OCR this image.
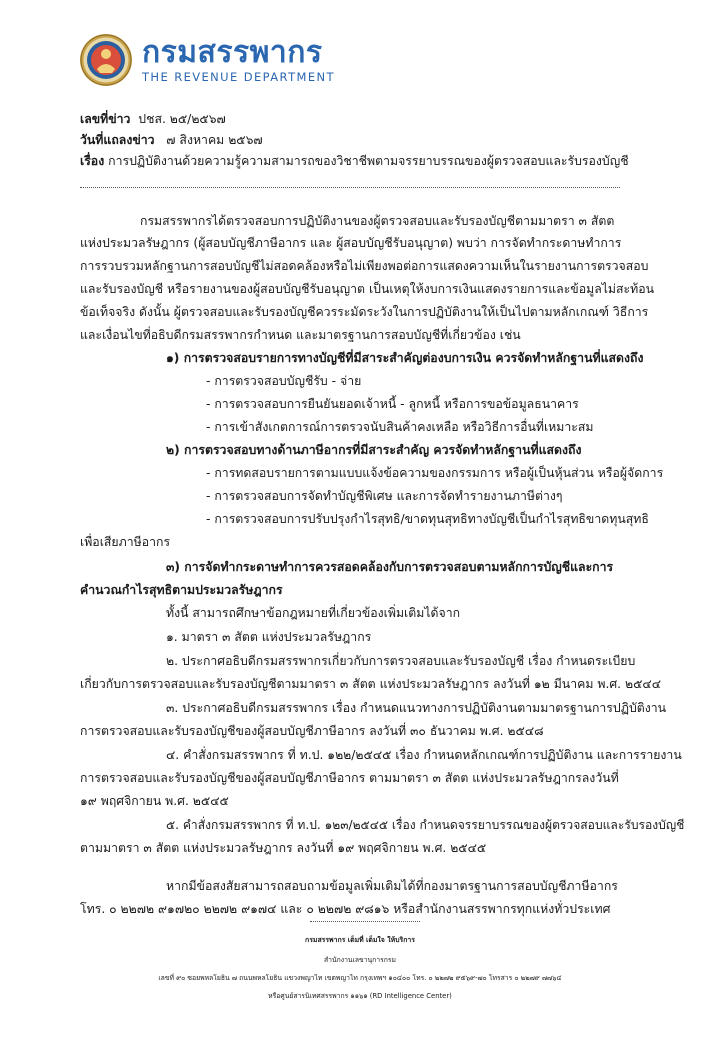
กรมสรรพากร
THE REVENUE DEPARTMENT
เลขที่ข่าว ปชส. ๒๕/๒๕๖๗
วันที่แถลงข่าว ๗ สิงหาคม ๒๕๖๗
เรื่อง การปฏิบัติงานด้วยความรู้ความสามารถของวิชาชีพตามจรรยาบรรณของผู้ตรวจสอบและรับรองบัญชี
กรมสรรพากรได้ตรวจสอบการปฏิบัติงานของผู้ตรวจสอบและรับรองบัญชีตามมาตรา ๓ สัตต
แห่งประมวลรัษฎากร (ผู้สอบบัญชีภาษีอากร และ ผู้สอบบัญชีรับอนุญาต) พบว่า การจัดทำกระดาษทำการ
การรวบรวมหลักฐานการสอบบัญชีไม่สอดคล้องหรือไม่เพียงพอต่อการแสดงความเห็นในรายงานการตรวจสอบ
และรับรองบัญชี หรือรายงานของผู้สอบบัญชีรับอนุญาต เป็นเหตุให้งบการเงินแสดงรายการและข้อมูลไม่สะท้อน
ข้อเท็จจริง ดังนั้น ผู้ตรวจสอบและรับรองบัญชีควรระมัดระวังในการปฏิบัติงานให้เป็นไปตามหลักเกณฑ์ วิธีการ
และเงื่อนไขที่อธิบดีกรมสรรพากรกำหนด และมาตรฐานการสอบบัญชีที่เกี่ยวข้อง เช่น
๑) การตรวจสอบรายการทางบัญชีที่มีสาระสำคัญต่องบการเงิน ควรจัดทำหลักฐานที่แสดงถึง
- การตรวจสอบบัญชีรับ - จ่าย
- การตรวจสอบการยืนยันยอดเจ้าหนี้ - ลูกหนี้ หรือการขอข้อมูลธนาคาร
- การเข้าสังเกตการณ์การตรวจนับสินค้าคงเหลือ หรือวิธีการอื่นที่เหมาะสม
๒) การตรวจสอบทางด้านภาษีอากรที่มีสาระสำคัญ ควรจัดทำหลักฐานที่แสดงถึง
- การทดสอบรายการตามแบบแจ้งข้อความของกรรมการ หรือผู้เป็นหุ้นส่วน หรือผู้จัดการ
- การตรวจสอบการจัดทำบัญชีพิเศษ และการจัดทำรายงานภาษีต่างๆ
- การตรวจสอบการปรับปรุงกำไรสุทธิ/ขาดทุนสุทธิทางบัญชีเป็นกำไรสุทธิขาดทุนสุทธิ
เพื่อเสียภาษีอากร
๓) การจัดทำกระดาษทำการควรสอดคล้องกับการตรวจสอบตามหลักการบัญชีและการ
คำนวณกำไรสุทธิตามประมวลรัษฎากร
ทั้งนี้ สามารถศึกษาข้อกฎหมายที่เกี่ยวข้องเพิ่มเติมได้จาก
๑. มาตรา ๓ สัตต แห่งประมวลรัษฎากร
๒. ประกาศอธิบดีกรมสรรพากรเกี่ยวกับการตรวจสอบและรับรองบัญชี เรื่อง กำหนดระเบียบ
เกี่ยวกับการตรวจสอบและรับรองบัญชีตามมาตรา ๓ สัตต แห่งประมวลรัษฎากร ลงวันที่ ๑๒ มีนาคม พ.ศ. ๒๕๔๔
๓. ประกาศอธิบดีกรมสรรพากร เรื่อง กำหนดแนวทางการปฏิบัติงานตามมาตรฐานการปฏิบัติงาน
การตรวจสอบและรับรองบัญชีของผู้สอบบัญชีภาษีอากร ลงวันที่ ๓๐ ธันวาคม พ.ศ. ๒๕๔๘
๔. คำสั่งกรมสรรพากร ที่ ท.ป. ๑๒๒/๒๕๔๕ เรื่อง กำหนดหลักเกณฑ์การปฏิบัติงาน และการรายงาน
การตรวจสอบและรับรองบัญชีของผู้สอบบัญชีภาษีอากร ตามมาตรา ๓ สัตต แห่งประมวลรัษฎากรลงวันที่
๑๙ พฤศจิกายน พ.ศ. ๒๕๔๕
๕. คำสั่งกรมสรรพากร ที่ ท.ป. ๑๒๓/๒๕๔๕ เรื่อง กำหนดจรรยาบรรณของผู้ตรวจสอบและรับรองบัญชี
ตามมาตรา ๓ สัตต แห่งประมวลรัษฎากร ลงวันที่ ๑๙ พฤศจิกายน พ.ศ. ๒๕๔๕
กรมสรรพากร เต็มที่ เต็มใจ ให้บริการ
สำนักงานเลขานุการกรม
เลขที่ ๙๐ ซอยพหลโยธิน ๗ ถนนพหลโยธิน แขวงพญาไท เขตพญาไท กรุงเทพฯ ๑๐๔๐๐ โทร. ๐ ๒๒๗๒ ๙๕๖๙-๗๐ โทรสาร ๐ ๒๒๗๙ ๗๗๖๔
หรือศูนย์สารนิเทศสรรพากร ๑๑๖๑ (RD Intelligence Center)
หากมีข้อสงสัยสามารถสอบถามข้อมูลเพิ่มเติมได้ที่กองมาตรฐานการสอบบัญชีภาษีอากร
โทร. ๐ ๒๒๗๒ ๙๑๗๒๐ ๒๒๗๒ ๙๑๗๔ และ ๐ ๒๒๗๒ ๙๘๑๖ หรือสำนักงานสรรพากรทุกแห่งทั่วประเทศ
